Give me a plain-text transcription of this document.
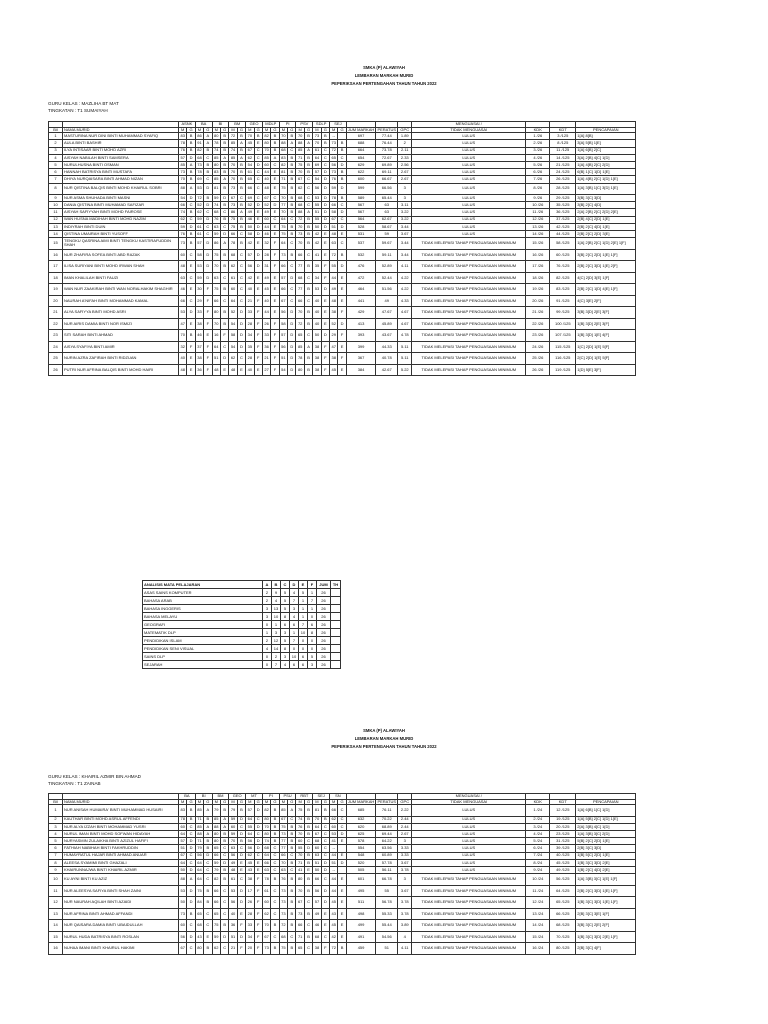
SMKA (P) ALAWIYAH
LEMBARAN MARKAH MURID
PEPERIKSAAN PERTENGAHAN TAHUN TAHUN 2022
GURU KELAS : MAZLIHA BT MAT
TINGKATAN : T1 SUMAIYAH
		ASNK		BA		BI		BM		GEO		MDLP		PI		PSV		SDLP		SEJ					MENGUASAI /			
Bil	NAMA MURID	M	G	M	G	M	G	M	G	M	G	M	G	M	G	M	G	M	G	M	G	JUM MARKAH	PERATUS	GPC	TIDAK MENGUASAI	KDK	KDT	PENCAPAIAN
1	MASTURINA NUR DINI BINTI MUHAMMAD SYAFIQ	83	B	86	A	80	B	72	B	70	B	82	B	70	B	70	B	73	B	--		697	77.44	1.89	LULUS	1 /26	3 /125	1[A] 8[B]
2	AULA BINTI BASHIR	78	B	91	A	78	B	85	A	45	E	80	B	88	A	88	A	70	B	73	B	688	76.44	2	LULUS	2 /26	8 /125	3[A] 5[B] 1[E]
3	ILYA INTISAAR BINTI MOHD AZRI	76	B	82	B	74	B	74	B	67	C	70	B	68	C	85	A	61	C	72	B	664	73.78	2.11	LULUS	3 /26	11 /125	1[A] 6[B] 2[C]
4	AISYAH NABILAH BINTI SAMSERA	57	D	68	C	85	A	85	A	62	C	85	A	83	B	71	B	64	C	65	C	654	72.67	2.33	LULUS	4 /26	14 /125	3[A] 2[B] 4[C] 1[D]
5	NURULHUSNA BINTI OSMAN	85	A	73	B	80	B	70	B	54	D	60	C	82	B	75	B	69	C	56	D	629	69.89	2.56	LULUS	5 /26	21 /125	1[A] 4[B] 2[C] 2[D]
6	HANNAH BATRISYA BINTI MUSTAFA	73	B	78	B	83	B	70	B	61	C	44	E	81	B	70	B	57	D	73	B	622	69.11	2.67	LULUS	6 /26	24 /125	6[B] 1[C] 1[D] 1[E]
7	DHIYA NURQAISARA BINTI AHMAD NIZAN	70	B	69	C	85	A	70	B	65	C	40	E	71	B	67	C	54	D	76	B	600	66.67	2.67	LULUS	7 /26	26 /125	1[A] 4[B] 2[C] 1[D] 1[E]
8	NUR QISTINA BALQIS BINTI MOHD KHAIRUL SOBRI	88	A	53	D	81	B	73	B	66	C	48	E	75	B	62	C	56	D	59	D	599	66.56	3	LULUS	8 /26	28 /125	1[A] 3[B] 1[C] 3[D] 1[E]
9	NUR ASMA SHUHADA BINTI MASNI	54	D	72	B	59	D	67	C	69	C	67	C	70	B	68	C	53	D	78	B	589	65.44	3	LULUS	9 /26	29 /125	3[B] 3[C] 3[D]
10	DANIA QISTINA BINTI MUHAMAD SAFIZAR	66	C	52	D	74	B	73	B	52	D	52	D	77	B	68	C	55	D	66	C	567	63	3.11	LULUS	10 /26	35 /125	3[B] 2[C] 4[D]
11	AISYAH SAFIYYAH BINTI MOHD FAIROSE	74	B	62	C	68	C	86	A	49	E	49	E	70	B	88	A	51	D	58	D	567	63	3.22	LULUS	11 /26	36 /125	2[A] 2[B] 2[C] 2[D] 2[E]
12	WAN HUSNA MADIHAH BINTI MOHD NAZIM	62	C	59	D	76	B	75	B	46	E	60	C	64	C	72	B	55	D	67	C	564	62.67	3.22	LULUS	12 /26	37 /125	2[B] 4[C] 2[D] 1[E]
13	INDIYRAH BINTI DUIN	59	D	61	C	63	C	75	B	50	D	44	E	75	B	70	B	50	D	51	D	528	58.67	3.44	LULUS	13 /26	42 /125	2[B] 2[C] 4[D] 1[E]
14	QISTINA UMAIRAH BINTI YUSOFF	76	B	61	C	59	D	66	C	58	D	46	E	75	B	73	B	42	E	48	E	531	59	3.67	LULUS	14 /26	44 /125	2[B] 2[C] 2[D] 3[E]
15	TENGKU QASRINA AIMI BINTI TENGKU KASTIRAFUDDIN SHAH	73	B	57	D	86	A	78	B	42	E	32	F	64	C	70	B	42	E	63	C	537	59.67	3.44	TIDAK MELEPASI TAHAP PENGUASAAN MINIMUM	15 /26	58 /125	1[A] 2[B] 2[C] 1[D] 2[E] 1[F]
16	NUR ZHAFIRA SOFEA BINTI ABD RAZAK	60	C	58	D	75	B	68	C	57	D	28	F	73	B	66	C	41	E	72	B	532	59.11	3.44	TIDAK MELEPASI TAHAP PENGUASAAN MINIMUM	16 /26	60 /125	3[B] 2[C] 2[D] 1[E] 1[F]
17	ILISA SURIYANI BINTI MOHD IRWAN SHAH	48	E	53	D	70	B	62	C	56	D	31	F	66	C	77	B	35	F	55	D	476	52.89	4.11	TIDAK MELEPASI TAHAP PENGUASAAN MINIMUM	17 /26	76 /125	2[B] 2[C] 3[D] 1[E] 2[F]
18	IMAN KHALILAH BINTI FAUZI	63	C	59	D	63	C	61	C	42	E	49	E	57	D	68	C	34	F	44	E	472	52.44	4.22	TIDAK MELEPASI TAHAP PENGUASAAN MINIMUM	18 /26	82 /125	4[C] 2[D] 3[E] 1[F]
19	WAN NUR ZAAKIRAH BINTI WAN NORALHAKIM SHAGHIR	46	E	30	F	75	B	60	C	40	E	45	E	66	C	77	B	53	D	49	E	464	51.56	4.22	TIDAK MELEPASI TAHAP PENGUASAAN MINIMUM	19 /26	83 /125	2[B] 2[C] 1[D] 4[E] 1[F]
20	NAURAH A'NIFAH BINTI MOHAMMAD KAMAL	66	C	29	F	66	C	64	C	21	F	40	E	67	C	66	C	40	E	48	E	441	49	4.33	TIDAK MELEPASI TAHAP PENGUASAAN MINIMUM	20 /26	91 /125	4[C] 3[E] 2[F]
21	ALYA SAFIYYA BINTI MOHD ASRI	53	D	33	F	80	B	52	D	33	F	44	E	56	D	70	B	40	E	38	F	429	47.67	4.67	TIDAK MELEPASI TAHAP PENGUASAAN MINIMUM	21 /26	99 /125	3[B] 3[D] 2[E] 3[F]
22	NUR AIRIS DAMIA BINTI NOR ISMIZI	47	E	38	F	70	B	54	D	28	F	26	F	58	D	72	B	40	E	52	D	413	45.89	4.67	TIDAK MELEPASI TAHAP PENGUASAAN MINIMUM	22 /26	100 /125	1[B] 3[D] 2[E] 3[F]
23	SITI SARAH BINTI AHMAD	70	B	46	E	16	F	58	D	34	F	33	F	57	D	65	C	50	D	29	F	393	43.67	4.78	TIDAK MELEPASI TAHAP PENGUASAAN MINIMUM	23 /26	107 /125	1[B] 3[D] 1[E] 4[F]
24	AISYA SYAFIYA BINTI AMIR	32	F	37	F	64	C	54	D	35	F	36	F	56	D	85	A	38	F	47	E	399	44.33	5.11	TIDAK MELEPASI TAHAP PENGUASAAN MINIMUM	24 /26	115 /125	1[C] 2[D] 1[E] 5[F]
25	NURIN AZRA ZAFIRAH BINTI RIDZUAN	40	E	38	F	51	D	62	C	28	F	21	F	51	D	78	B	38	F	38	F	367	40.78	5.11	TIDAK MELEPASI TAHAP PENGUASAAN MINIMUM	25 /26	116 /125	2[C] 2[D] 1[E] 5[F]
26	PUTRI NUR AFRINA BALQIS BINTI MOHD HAIRI	48	E	36	F	48	E	48	E	40	E	27	F	54	D	80	B	38	F	45	E	384	42.67	5.22	TIDAK MELEPASI TAHAP PENGUASAAN MINIMUM	26 /26	119 /125	1[D] 5[E] 3[F]
ANALISIS MATA PELAJARAN	A	B	C	D	E	F	JUM	TH
ASAS SAINS KOMPUTER	2	9	5	4	5	1	26	
BAHASA ARAB	2	4	5	7	1	7	26	
BAHASA INGGERIS	3	13	5	3	1	1	26	
BAHASA MELAYU	3	10	8	4	1	0	26	
GEOGRAFI	0	1	6	6	7	6	26	
MATEMATIK DLP	1	3	3	1	10	8	26	
PENDIDIKAN ISLAM	2	12	5	7	0	0	26	
PENDIDIKAN SENI VISUAL	4	14	8	0	0	0	26	
SAINS DLP	0	2	3	10	6	5	26	
SEJARAH	0	7	4	6	6	3	26	
SMKA (P) ALAWIYAH
LEMBARAN MARKAH MURID
PEPERIKSAAN PERTENGAHAN TAHUN TAHUN 2022
GURU KELAS : KHAIRIL AZMIR BIN AHMAD
TINGKATAN : T1 ZAINAB
		BA		BI		BM		GEO		MT		PI		PSU		RBT		SEJ		SN					MENGUASAI /			
Bil	NAMA MURID	M	G	M	G	M	G	M	G	M	G	M	G	M	G	M	G	M	G	M	G	JUM MARKAH	PERATUS	GPC	TIDAK MENGUASAI	KDK	KDT	PENCAPAIAN
1	NUR ANISAH HUMAIRA' BINTI MUHAMMAD HUSAIRI	83	B	85	A	79	B	79	B	57	D	82	B	85	A	75	B	81	B	66	C	685	76.11	2.22	LULUS	1 /24	12 /125	1[A] 6[B] 1[C] 1[D]
2	KAUTHAR BINTI MOHD ASRUL AFFENDI	78	B	71	B	85	A	59	D	64	C	80	B	67	C	74	B	70	B	62	C	632	70.22	2.44	LULUS	2 /24	19 /125	1[A] 5[B] 2[C] 1[D] 1[E]
3	NUR ALYA IZZAH BINTI MOHAMMAD YUSRI	60	C	85	A	88	A	60	C	55	D	70	B	75	B	76	B	64	C	60	C	620	68.89	2.44	LULUS	3 /24	20 /125	2[A] 3[B] 4[C] 1[D]
4	NURUL IMAN BINTI MOHD SOFWAN HIDAYAH	64	C	88	A	80	B	59	D	64	C	80	B	73	B	70	B	67	C	53	D	625	69.44	2.67	LULUS	4 /24	23 /125	1[A] 3[B] 3[C] 2[D]
5	NURYASMIN ZULAIKHA BINTI AZIZUL HAFIFI	57	D	71	B	80	B	70	B	56	D	74	B	77	B	60	C	68	C	41	E	578	64.22	3	LULUS	5 /24	31 /125	5[B] 2[C] 2[D] 1[E]
6	FATHIAH NABIHAH BINTI FAKHRUDDIN	51	D	79	B	65	C	63	C	56	D	68	C	77	B	55	D	60	C	--		554	63.56	3.33	LULUS	6 /24	39 /125	2[B] 3[C] 3[D]
7	HUMAYRATUL HAJAR BINTI AHMAD ANUAR	67	C	56	D	66	C	56	D	62	C	64	C	66	C	70	B	63	C	44	E	548	60.89	3.33	LULUS	7 /24	40 /125	1[B] 5[C] 2[D] 1[E]
8	ALEESA SYAMIMI BINTI GHAZALI	64	C	64	C	59	D	49	E	45	E	66	C	70	B	71	B	51	D	51	D	520	57.78	3.67	LULUS	8 /24	45 /125	1[B] 3[C] 3[D] 2[E]
9	KHAIRUNNAJWA BINTI KHAIRIL AZMIR	50	D	64	C	79	B	48	E	43	E	63	C	63	C	41	E	50	D	--		505	56.11	3.78	LULUS	9 /24	49 /125	1[B] 2[C] 4[D] 2[E]
10	KU AYNI BINTI KU AZIZ	88	A	64	C	82	B	61	C	38	F	78	B	76	B	80	B	66	C	44	E	601	66.78	3	TIDAK MELEPASI TAHAP PENGUASAAN MINIMUM	10 /24	56 /125	1[A] 3[B] 3[C] 1[E] 1[F]
11	NUR ALEESYA SAFIYA BINTI SHAH ZAINI	53	D	75	B	66	C	53	D	17	F	61	C	73	B	70	B	56	D	44	E	495	55	3.67	TIDAK MELEPASI TAHAP PENGUASAAN MINIMUM	11 /24	64 /125	2[B] 2[C] 3[D] 1[E] 1[F]
12	NUR NAURAH AQILAH BINTI AZAIDI	50	D	84	B	66	C	56	D	26	F	60	C	73	B	67	C	57	D	45	E	511	56.78	3.78	TIDAK MELEPASI TAHAP PENGUASAAN MINIMUM	12 /24	65 /125	1[B] 3[C] 3[D] 1[E] 1[F]
13	NUR AFRINA BINTI AHMAD AFFANDI	73	B	65	C	65	C	40	E	28	F	62	C	73	B	73	B	49	E	43	E	498	55.33	3.78	TIDAK MELEPASI TAHAP PENGUASAAN MINIMUM	13 /24	66 /125	2[B] 3[C] 3[E] 1[F]
14	NUR QAISARA DAMIA BINTI UBAIDULLAH	60	C	68	C	75	B	36	F	33	F	70	B	72	B	66	C	46	E	45	E	499	55.44	3.89	TIDAK MELEPASI TAHAP PENGUASAAN MINIMUM	14 /24	68 /125	3[B] 3[C] 2[E] 2[F]
15	NURUL HUDA BATRISYA BINTI ROSLAN	56	D	43	E	59	D	51	D	34	F	67	C	68	C	71	B	68	C	42	E	491	54.56	4	TIDAK MELEPASI TAHAP PENGUASAAN MINIMUM	15 /24	70 /125	1[B] 3[C] 3[D] 2[E] 1[F]
16	NUHAA IMANI BINTI KHAIRUL HAKIMI	67	C	80	B	62	C	21	F	20	F	73	B	75	B	65	C	38	F	72	B	459	51	4.11	TIDAK MELEPASI TAHAP PENGUASAAN MINIMUM	16 /24	80 /125	2[B] 3[C] 4[F]
